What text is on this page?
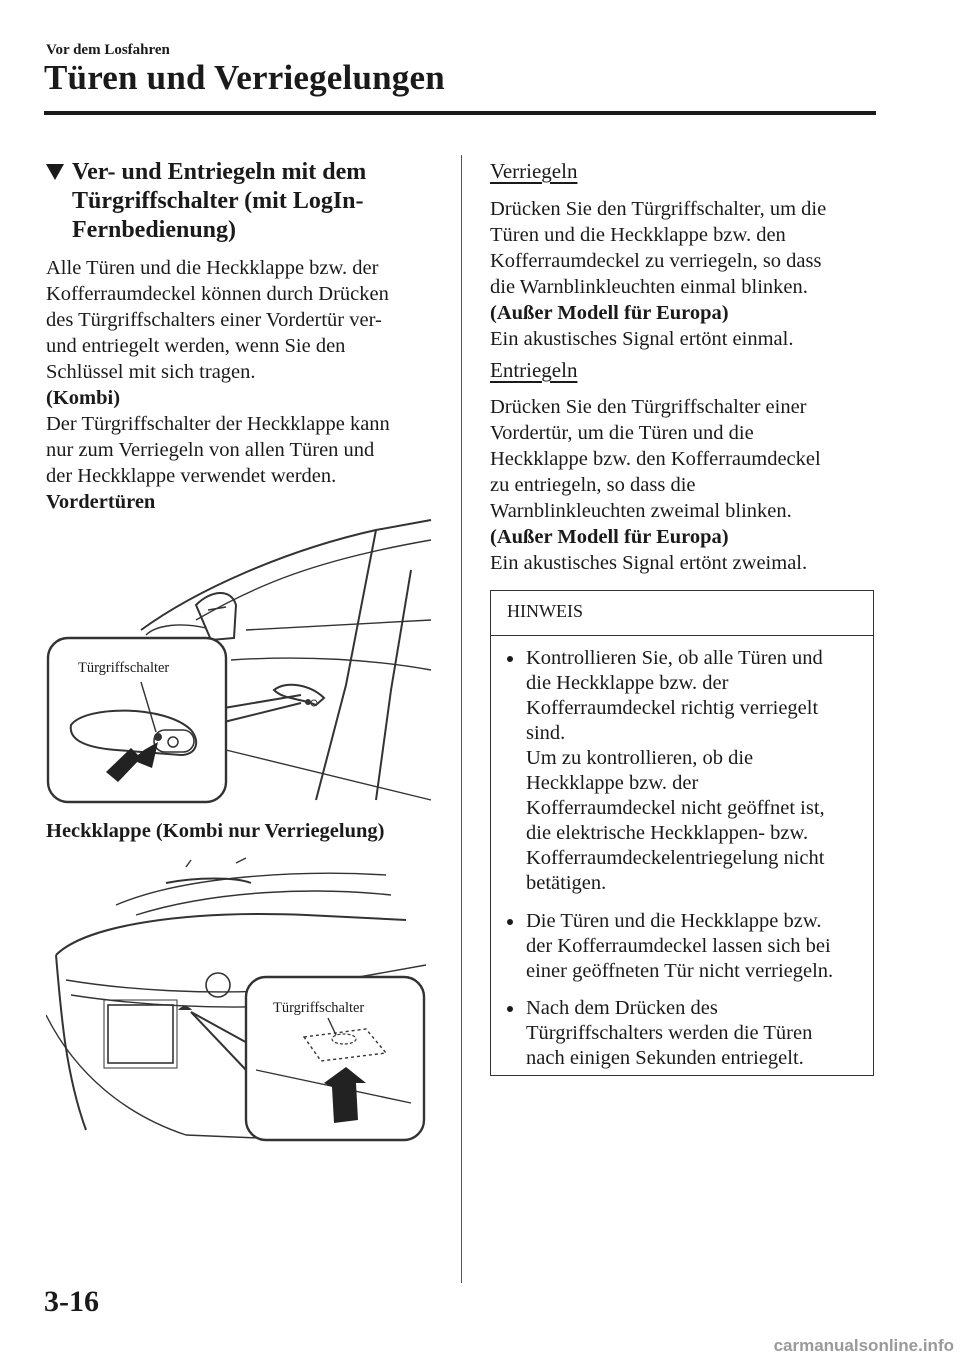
Vor dem Losfahren
Türen und Verriegelungen
Ver- und Entriegeln mit dem
Türgriffschalter (mit LogIn-
Fernbedienung)
Alle Türen und die Heckklappe bzw. der
Kofferraumdeckel können durch Drücken
des Türgriffschalters einer Vordertür ver-
und entriegelt werden, wenn Sie den
Schlüssel mit sich tragen.
(Kombi)
Der Türgriffschalter der Heckklappe kann
nur zum Verriegeln von allen Türen und
der Heckklappe verwendet werden.
Vordertüren
Türgriffschalter
Heckklappe (Kombi nur Verriegelung)
Türgriffschalter
Verriegeln
Drücken Sie den Türgriffschalter, um die
Türen und die Heckklappe bzw. den
Kofferraumdeckel zu verriegeln, so dass
die Warnblinkleuchten einmal blinken.
(Außer Modell für Europa)
Ein akustisches Signal ertönt einmal.
Entriegeln
Drücken Sie den Türgriffschalter einer
Vordertür, um die Türen und die
Heckklappe bzw. den Kofferraumdeckel
zu entriegeln, so dass die
Warnblinkleuchten zweimal blinken.
(Außer Modell für Europa)
Ein akustisches Signal ertönt zweimal.
HINWEIS
Kontrollieren Sie, ob alle Türen und
die Heckklappe bzw. der
Kofferraumdeckel richtig verriegelt
sind.
Um zu kontrollieren, ob die
Heckklappe bzw. der
Kofferraumdeckel nicht geöffnet ist,
die elektrische Heckklappen- bzw.
Kofferraumdeckelentriegelung nicht
betätigen.
Die Türen und die Heckklappe bzw.
der Kofferraumdeckel lassen sich bei
einer geöffneten Tür nicht verriegeln.
Nach dem Drücken des
Türgriffschalters werden die Türen
nach einigen Sekunden entriegelt.
3-16
carmanualsonline.info
